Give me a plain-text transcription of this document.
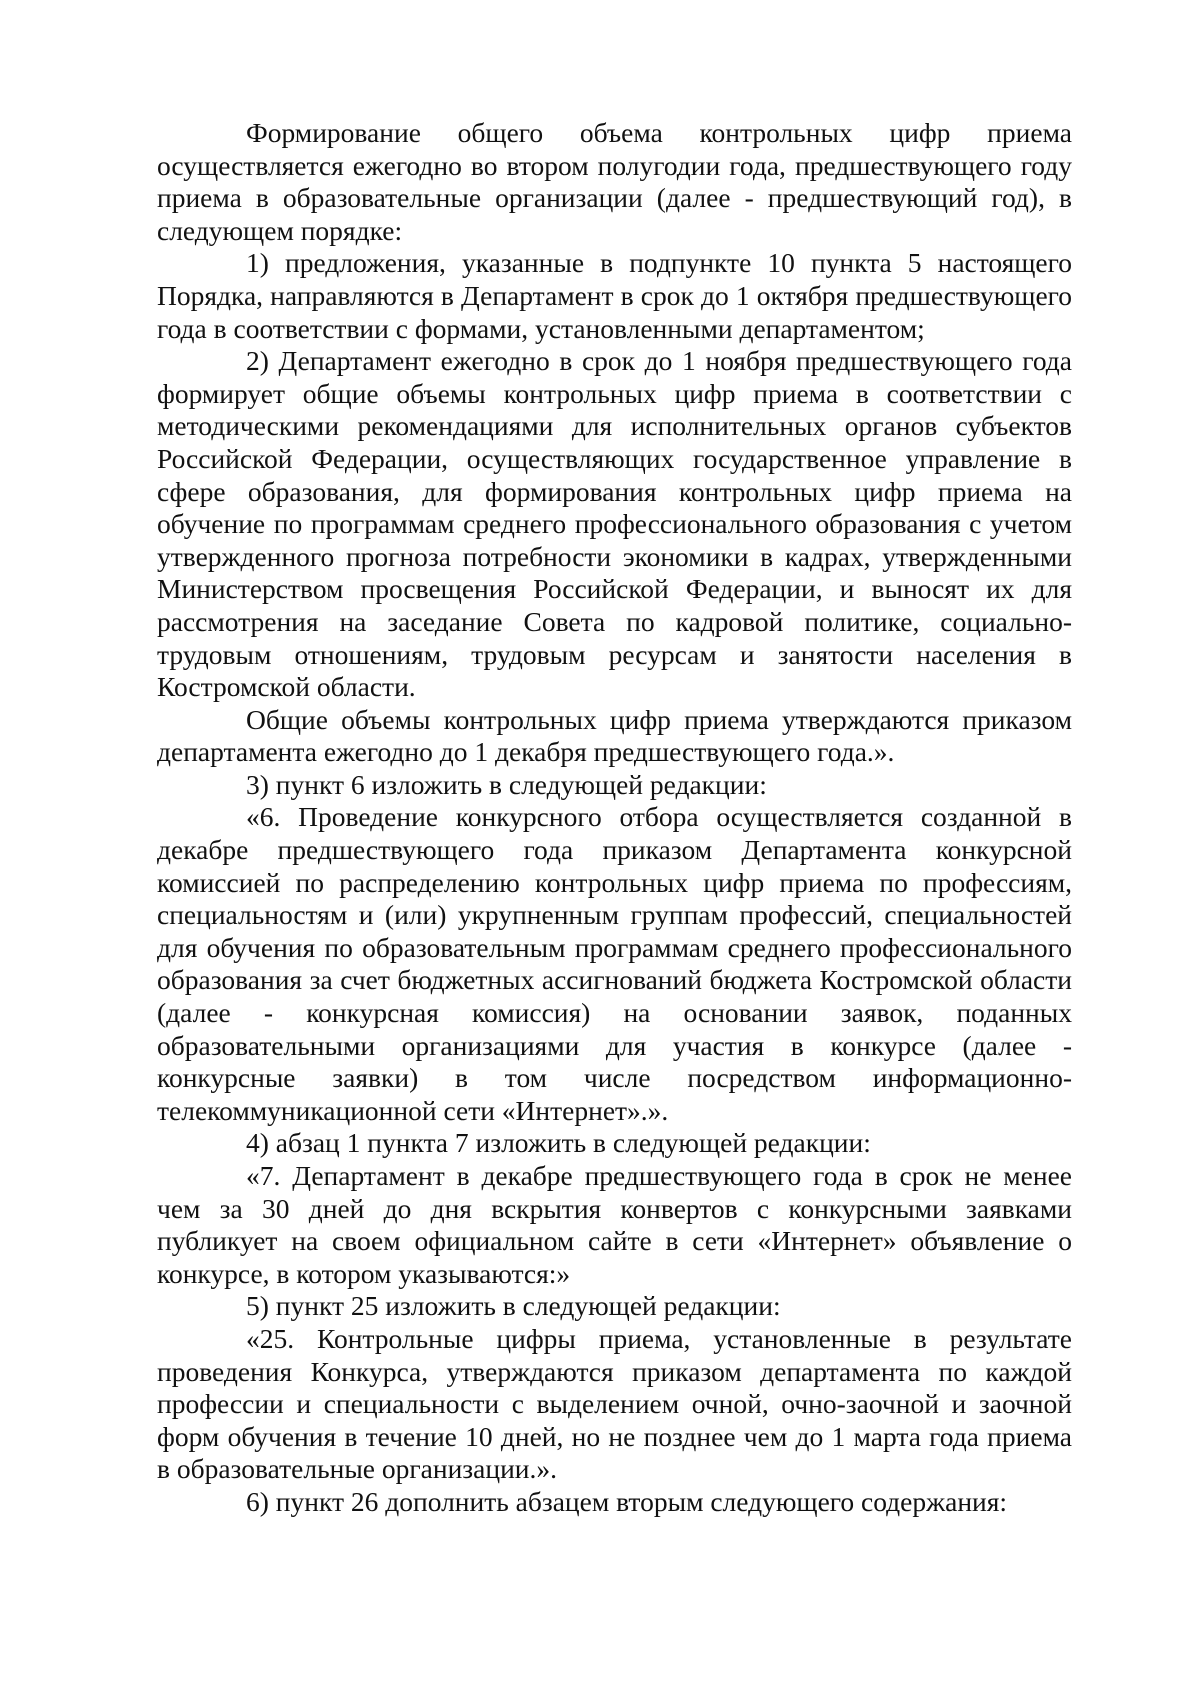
Формирование общего объема контрольных цифр приема осуществляется ежегодно во втором полугодии года, предшествующего году приема в образовательные организации (далее - предшествующий год), в следующем порядке:

1) предложения, указанные в подпункте 10 пункта 5 настоящего Порядка, направляются в Департамент в срок до 1 октября предшествующего года в соответствии с формами, установленными департаментом;

2) Департамент ежегодно в срок до 1 ноября предшествующего года формирует общие объемы контрольных цифр приема в соответствии с методическими рекомендациями для исполнительных органов субъектов Российской Федерации, осуществляющих государственное управление в сфере образования, для формирования контрольных цифр приема на обучение по программам среднего профессионального образования с учетом утвержденного прогноза потребности экономики в кадрах, утвержденными Министерством просвещения Российской Федерации, и выносят их для рассмотрения на заседание Совета по кадровой политике, социально-трудовым отношениям, трудовым ресурсам и занятости населения в Костромской области.

Общие объемы контрольных цифр приема утверждаются приказом департамента ежегодно до 1 декабря предшествующего года.».

3) пункт 6 изложить в следующей редакции:

«6. Проведение конкурсного отбора осуществляется созданной в декабре предшествующего года приказом Департамента конкурсной комиссией по распределению контрольных цифр приема по профессиям, специальностям и (или) укрупненным группам профессий, специальностей для обучения по образовательным программам среднего профессионального образования за счет бюджетных ассигнований бюджета Костромской области (далее - конкурсная комиссия) на основании заявок, поданных образовательными организациями для участия в конкурсе (далее - конкурсные заявки) в том числе посредством информационно-телекоммуникационной сети «Интернет».».

4) абзац 1 пункта 7 изложить в следующей редакции:

«7. Департамент в декабре предшествующего года в срок не менее чем за 30 дней до дня вскрытия конвертов с конкурсными заявками публикует на своем официальном сайте в сети «Интернет» объявление о конкурсе, в котором указываются:»

5) пункт 25 изложить в следующей редакции:

«25. Контрольные цифры приема, установленные в результате проведения Конкурса, утверждаются приказом департамента по каждой профессии и специальности с выделением очной, очно-заочной и заочной форм обучения в течение 10 дней, но не позднее чем до 1 марта года приема в образовательные организации.».

6) пункт 26 дополнить абзацем вторым следующего содержания:
